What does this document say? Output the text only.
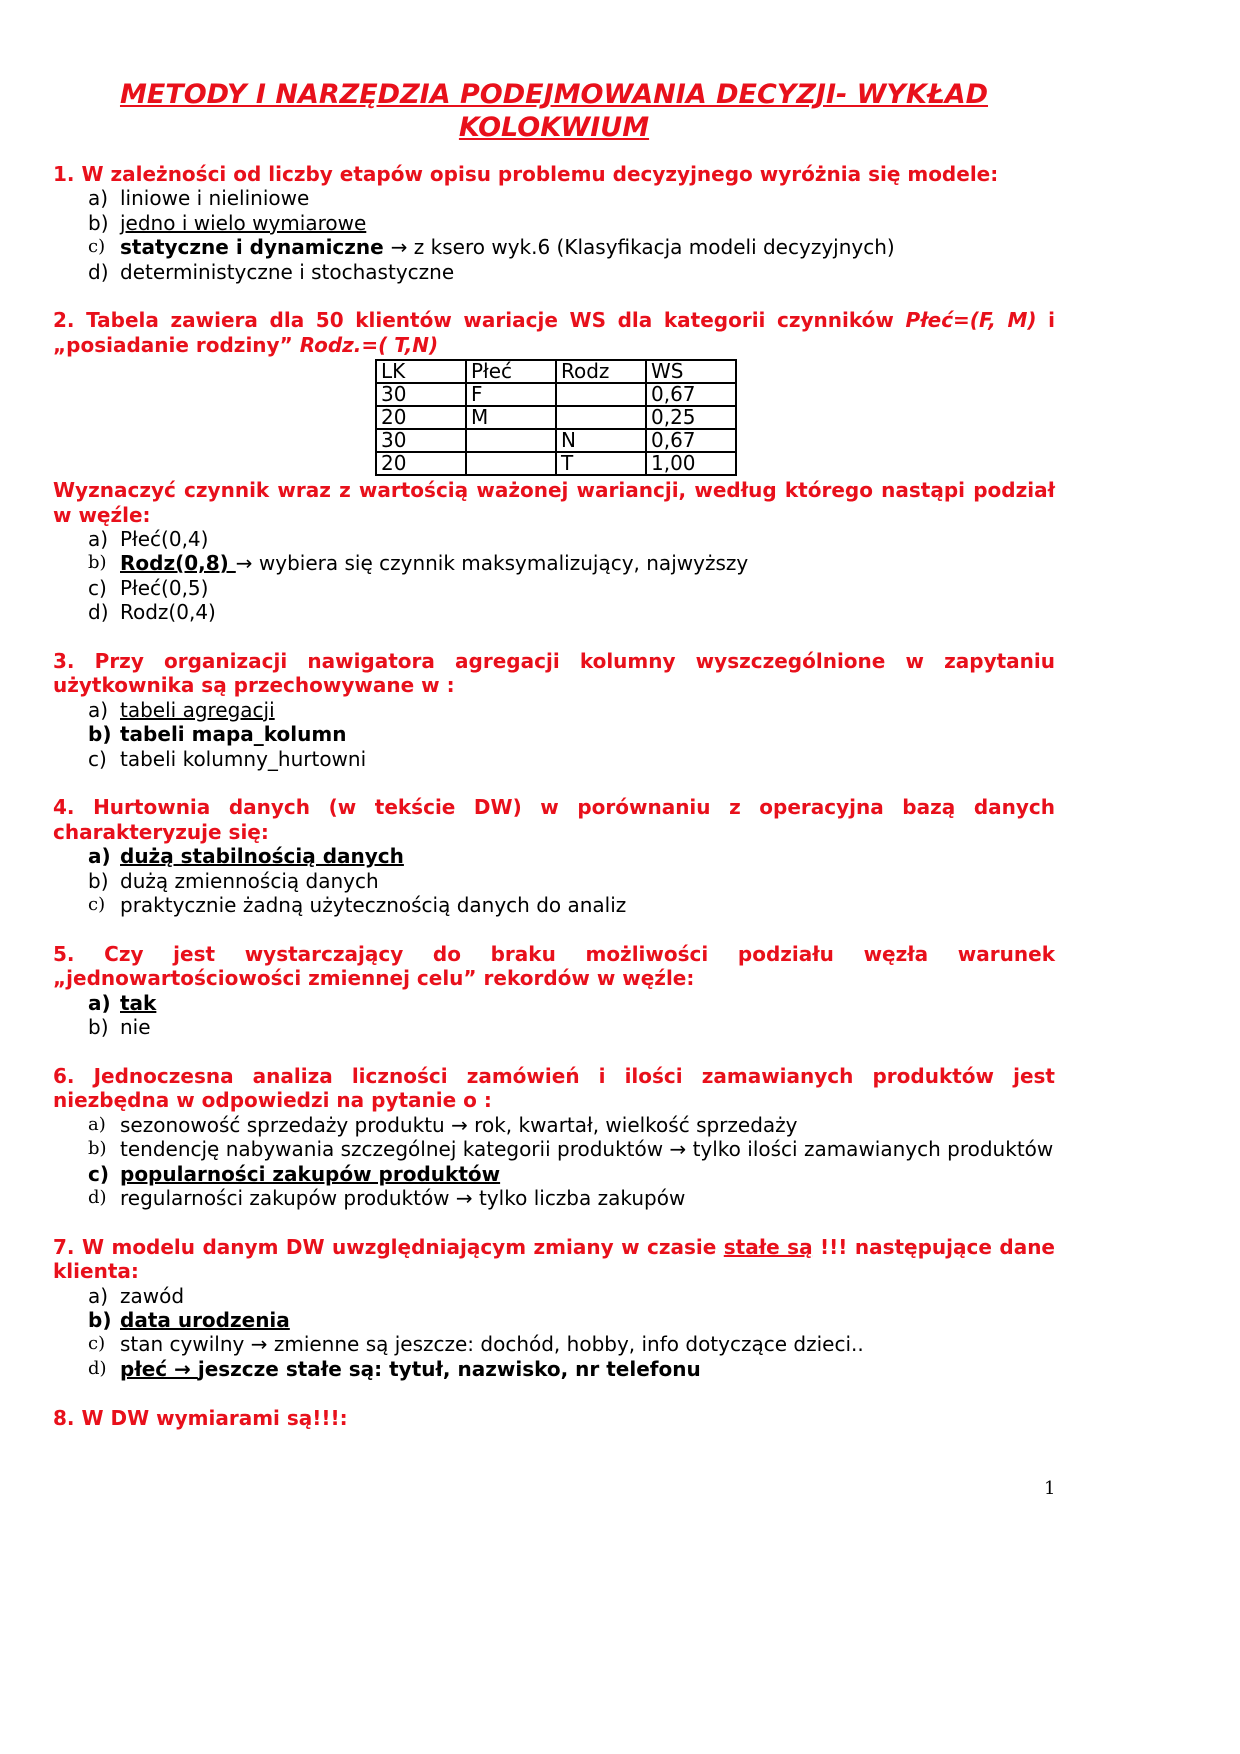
METODY I NARZĘDZIA PODEJMOWANIA DECYZJI- WYKŁAD
KOLOKWIUM
1. W zależności od liczby etapów opisu problemu decyzyjnego wyróżnia się modele:
a) liniowe i nieliniowe
b) jedno i wielo wymiarowe
c) statyczne i dynamiczne → z ksero wyk.6 (Klasyfikacja modeli decyzyjnych)
d) deterministyczne i stochastyczne
2. Tabela zawiera dla 50 klientów wariacje WS dla kategorii czynników Płeć=(F, M) i „posiadanie rodziny” Rodz.=( T,N)
LK	Płeć	Rodz	WS
30	F		0,67
20	M		0,25
30		N	0,67
20		T	1,00
Wyznaczyć czynnik wraz z wartością ważonej wariancji, według którego nastąpi podział w węźle:
a) Płeć(0,4)
b) Rodz(0,8) → wybiera się czynnik maksymalizujący, najwyższy
c) Płeć(0,5)
d) Rodz(0,4)
3. Przy organizacji nawigatora agregacji kolumny wyszczególnione w zapytaniu użytkownika są przechowywane w :
a) tabeli agregacji
b) tabeli mapa_kolumn
c) tabeli kolumny_hurtowni
4. Hurtownia danych (w tekście DW) w porównaniu z operacyjna bazą danych charakteryzuje się:
a) dużą stabilnością danych
b) dużą zmiennością danych
c) praktycznie żadną użytecznością danych do analiz
5. Czy jest wystarczający do braku możliwości podziału węzła warunek „jednowartościowości zmiennej celu” rekordów w węźle:
a) tak
b) nie
6. Jednoczesna analiza liczności zamówień i ilości zamawianych produktów jest niezbędna w odpowiedzi na pytanie o :
a) sezonowość sprzedaży produktu → rok, kwartał, wielkość sprzedaży
b) tendencję nabywania szczególnej kategorii produktów → tylko ilości zamawianych produktów
c) popularności zakupów produktów
d) regularności zakupów produktów → tylko liczba zakupów
7. W modelu danym DW uwzględniającym zmiany w czasie stałe są !!! następujące dane klienta:
a) zawód
b) data urodzenia
c) stan cywilny → zmienne są jeszcze: dochód, hobby, info dotyczące dzieci..
d) płeć → jeszcze stałe są: tytuł, nazwisko, nr telefonu
8. W DW wymiarami są!!!:
1
